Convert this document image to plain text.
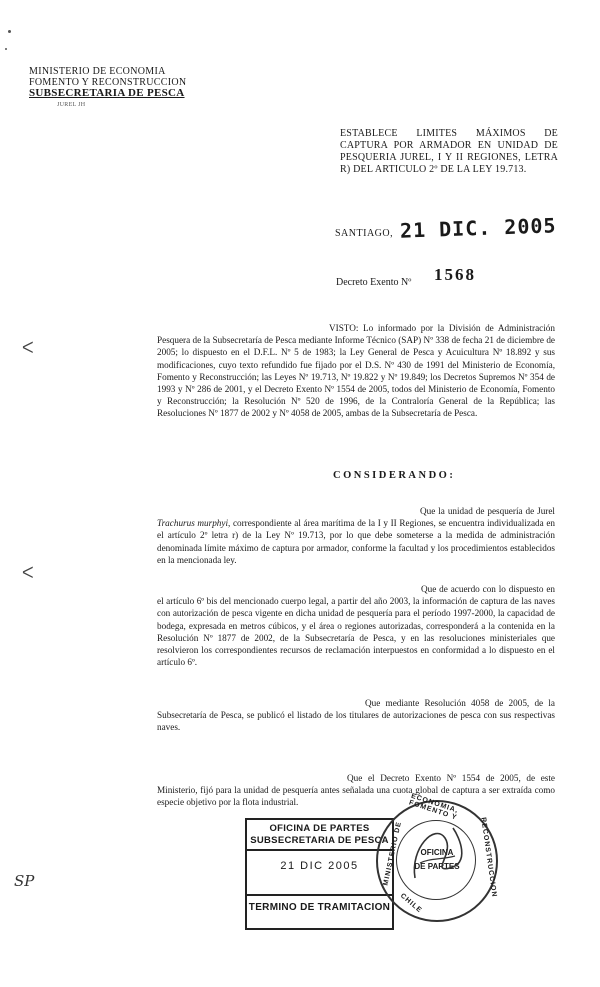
MINISTERIO DE ECONOMIA
FOMENTO Y RECONSTRUCCION
SUBSECRETARIA DE PESCA
JUREL JH
ESTABLECE LIMITES MÁXIMOS DE CAPTURA POR ARMADOR EN UNIDAD DE PESQUERIA JUREL, I Y II REGIONES, LETRA R) DEL ARTICULO 2º DE LA LEY 19.713.
SANTIAGO, 21 DIC. 2005
Decreto Exento Nº 1568

VISTO: Lo informado por la División de Administración Pesquera de la Subsecretaría de Pesca mediante Informe Técnico (SAP) Nº 338 de fecha 21 de diciembre de 2005; lo dispuesto en el D.F.L. Nº 5 de 1983; la Ley General de Pesca y Acuicultura Nº 18.892 y sus modificaciones, cuyo texto refundido fue fijado por el D.S. Nº 430 de 1991 del Ministerio de Economía, Fomento y Reconstrucción; las Leyes Nº 19.713, Nº 19.822 y Nº 19.849; los Decretos Supremos Nº 354 de 1993 y Nº 286 de 2001, y el Decreto Exento Nº 1554 de 2005, todos del Ministerio de Economía, Fomento y Reconstrucción; la Resolución Nº 520 de 1996, de la Contraloría General de la República; las Resoluciones Nº 1877 de 2002 y Nº 4058 de 2005, ambas de la Subsecretaría de Pesca.

CONSIDERANDO:

Que la unidad de pesquería de Jurel Trachurus murphyi, correspondiente al área marítima de la I y II Regiones, se encuentra individualizada en el artículo 2º letra r) de la Ley Nº 19.713, por lo que debe someterse a la medida de administración denominada límite máximo de captura por armador, conforme la facultad y los procedimientos establecidos en la mencionada ley.

Que de acuerdo con lo dispuesto en el artículo 6º bis del mencionado cuerpo legal, a partir del año 2003, la información de captura de las naves con autorización de pesca vigente en dicha unidad de pesquería para el período 1997-2000, la capacidad de bodega, expresada en metros cúbicos, y el área o regiones autorizadas, corresponderá a la contenida en la Resolución Nº 1877 de 2002, de la Subsecretaría de Pesca, y en las resoluciones ministeriales que resolvieron los correspondientes recursos de reclamación interpuestos en conformidad a lo dispuesto en el artículo 6º.

Que mediante Resolución 4058 de 2005, de la Subsecretaría de Pesca, se publicó el listado de los titulares de autorizaciones de pesca con sus respectivas naves.

Que el Decreto Exento Nº 1554 de 2005, de este Ministerio, fijó para la unidad de pesquería antes señalada una cuota global de captura a ser extraída como especie objetivo por la flota industrial.

OFICINA DE PARTES
SUBSECRETARIA DE PESCA
21 DIC 2005
TERMINO DE TRAMITACION
ECONOMIA, FOMENTO Y
MINISTERIO DE	RECONSTRUCCION
CHILE
OFICINA
DE PARTES
SP
ᐸ
ᐸ
